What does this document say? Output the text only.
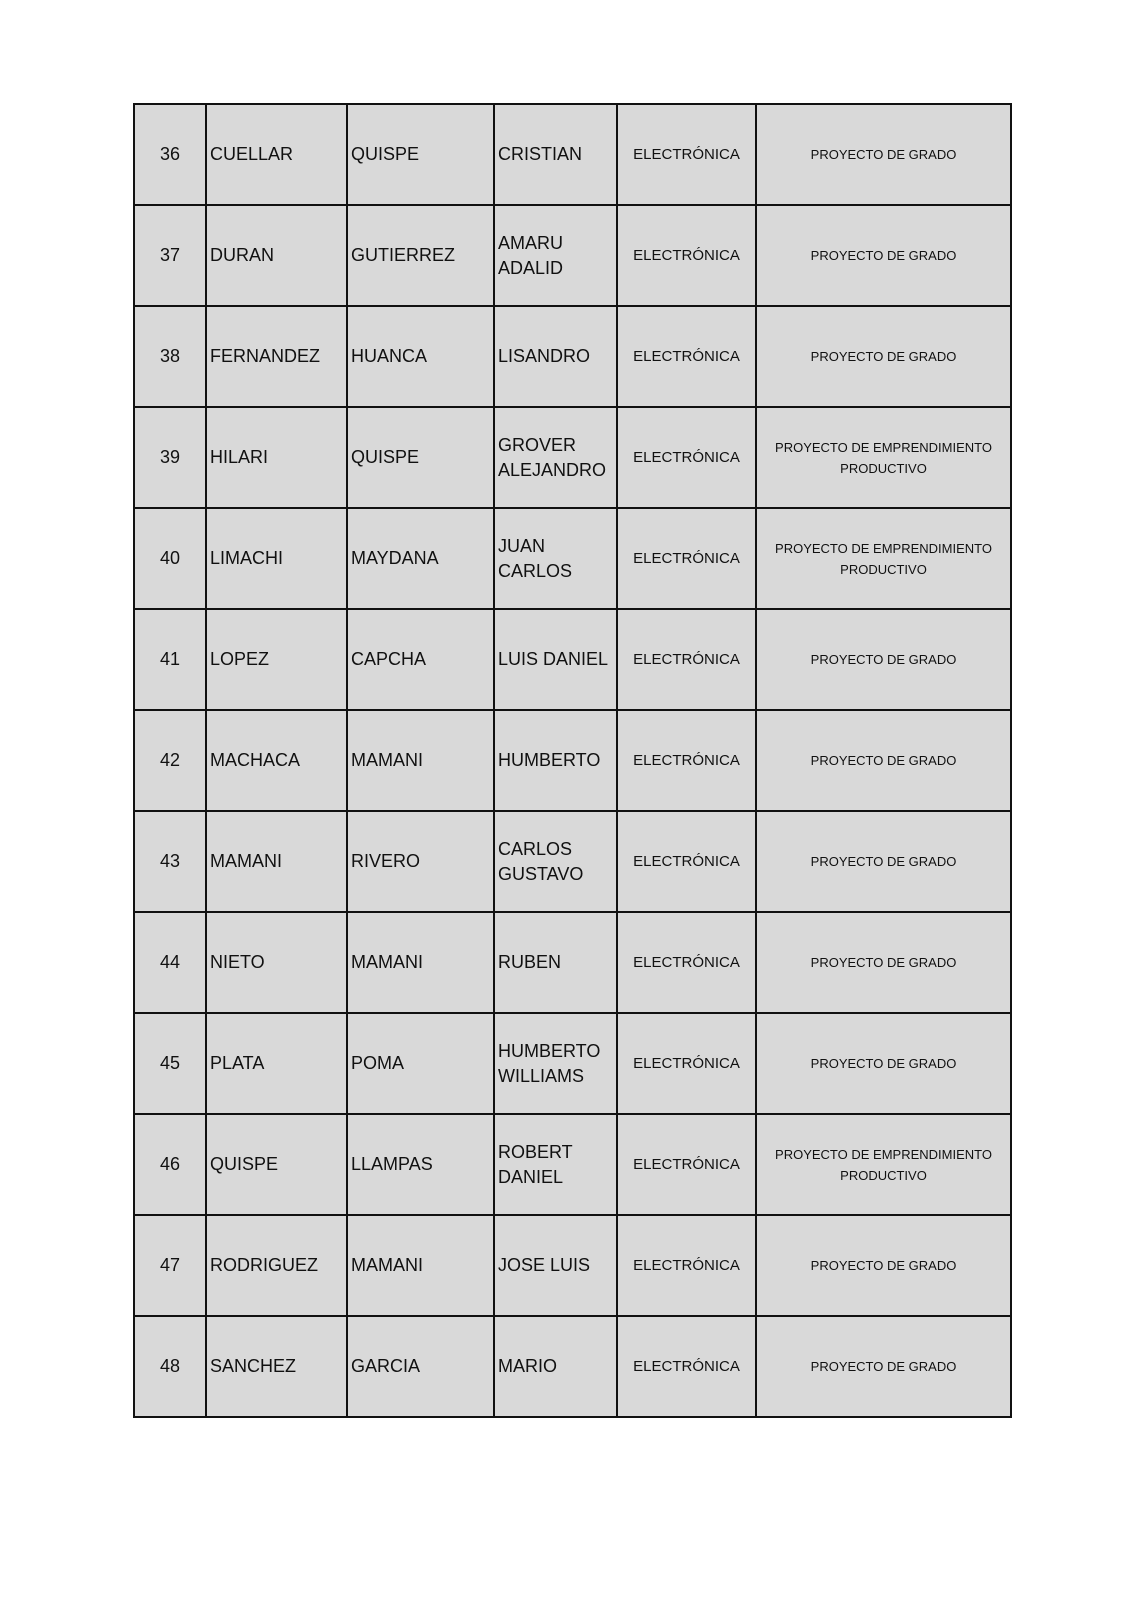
36	CUELLAR	QUISPE	CRISTIAN	ELECTRÓNICA	PROYECTO DE GRADO
37	DURAN	GUTIERREZ	AMARU ADALID	ELECTRÓNICA	PROYECTO DE GRADO
38	FERNANDEZ	HUANCA	LISANDRO	ELECTRÓNICA	PROYECTO DE GRADO
39	HILARI	QUISPE	GROVER ALEJANDRO	ELECTRÓNICA	PROYECTO DE EMPRENDIMIENTO PRODUCTIVO
40	LIMACHI	MAYDANA	JUAN CARLOS	ELECTRÓNICA	PROYECTO DE EMPRENDIMIENTO PRODUCTIVO
41	LOPEZ	CAPCHA	LUIS DANIEL	ELECTRÓNICA	PROYECTO DE GRADO
42	MACHACA	MAMANI	HUMBERTO	ELECTRÓNICA	PROYECTO DE GRADO
43	MAMANI	RIVERO	CARLOS GUSTAVO	ELECTRÓNICA	PROYECTO DE GRADO
44	NIETO	MAMANI	RUBEN	ELECTRÓNICA	PROYECTO DE GRADO
45	PLATA	POMA	HUMBERTO WILLIAMS	ELECTRÓNICA	PROYECTO DE GRADO
46	QUISPE	LLAMPAS	ROBERT DANIEL	ELECTRÓNICA	PROYECTO DE EMPRENDIMIENTO PRODUCTIVO
47	RODRIGUEZ	MAMANI	JOSE LUIS	ELECTRÓNICA	PROYECTO DE GRADO
48	SANCHEZ	GARCIA	MARIO	ELECTRÓNICA	PROYECTO DE GRADO
